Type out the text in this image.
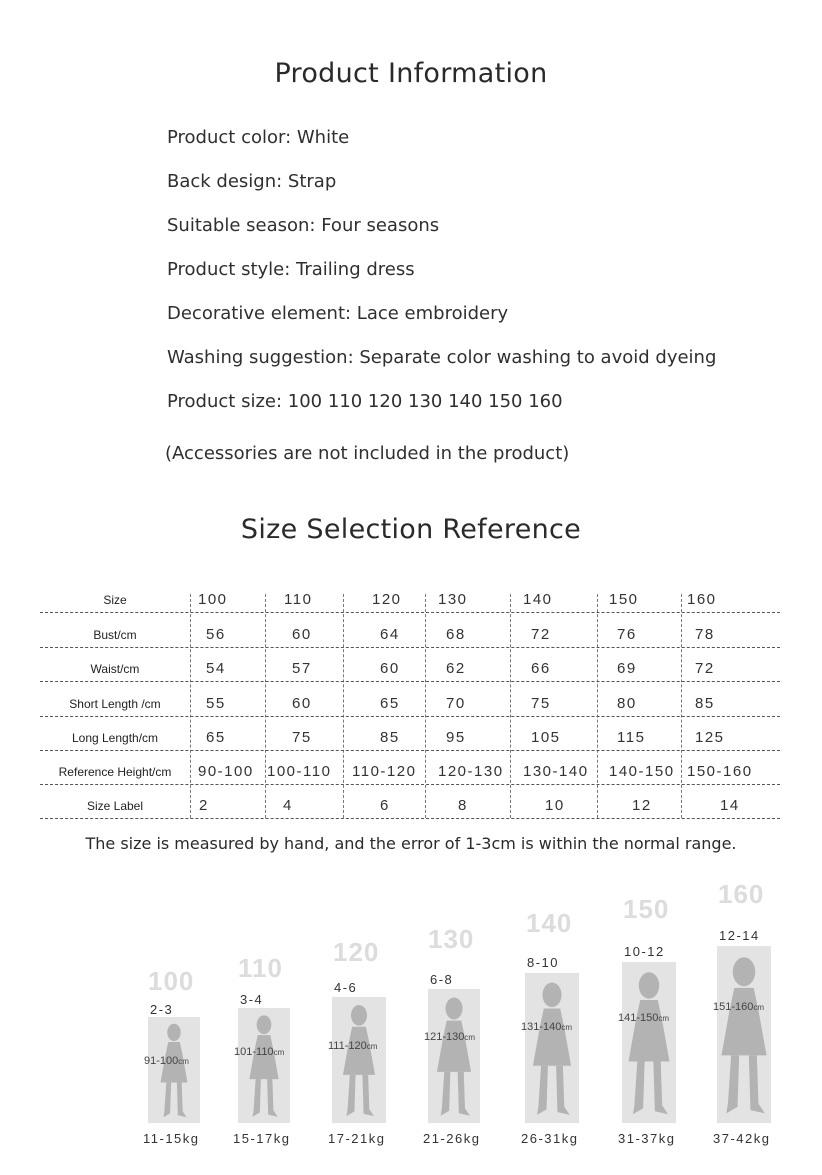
Product Information
Product color: White
Back design: Strap
Suitable season: Four seasons
Product style: Trailing dress
Decorative element: Lace embroidery
Washing suggestion: Separate color washing to avoid dyeing
Product size: 100 110 120 130 140 150 160
(Accessories are not included in the product)
Size Selection Reference
Size	100	110	120 130	140	150	160
Bust/cm	56	60	64	68	72	76	78
Waist/cm	54	57	60	62	66	69	72
Short Length /cm	55	60	65	70	75	80	85
Long Length/cm	65	75	85	95	105	115	125
Reference Height/cm	90-100 100-110 110-120 120-130 130-140 140-150 150-160
Size Label	2	4	6	8	10	12	14
The size is measured by hand, and the error of 1-3cm is within the normal range.
100
2-3
91-100cm
11-15kg
110
3-4
101-110cm
15-17kg
120
4-6
111-120cm
17-21kg
130
6-8
121-130cm
21-26kg
140
8-10
131-140cm
26-31kg
150
10-12
141-150cm
31-37kg
160
12-14
151-160cm
37-42kg
